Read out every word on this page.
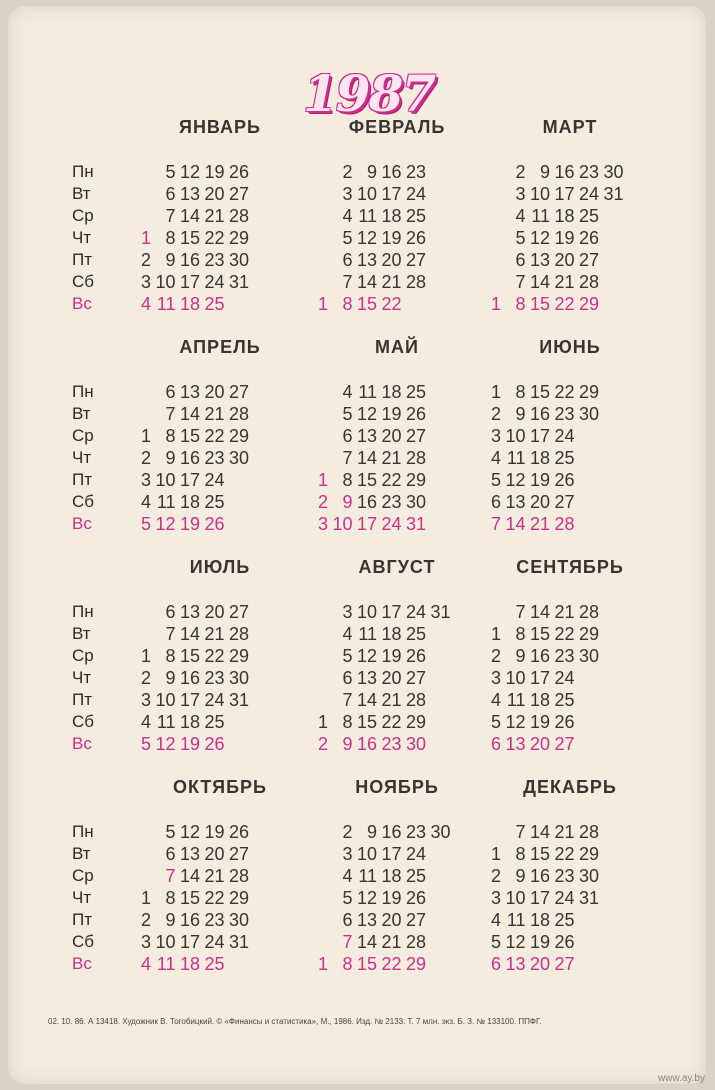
1987
Пн
Вт
Ср
Чт
Пт
Сб
Вс
ЯНВАРЬ
1
2
3
4
5
6
7
8
9
10
11
12
13
14
15
16
17
18
19
20
21
22
23
24
25
26
27
28
29
30
31
ФЕВРАЛЬ
1
2
3
4
5
6
7
8
9
10
11
12
13
14
15
16
17
18
19
20
21
22
23
24
25
26
27
28
МАРТ
1
2
3
4
5
6
7
8
9
10
11
12
13
14
15
16
17
18
19
20
21
22
23
24
25
26
27
28
29
30
31
Пн
Вт
Ср
Чт
Пт
Сб
Вс
АПРЕЛЬ
1
2
3
4
5
6
7
8
9
10
11
12
13
14
15
16
17
18
19
20
21
22
23
24
25
26
27
28
29
30
МАЙ
1
2
3
4
5
6
7
8
9
10
11
12
13
14
15
16
17
18
19
20
21
22
23
24
25
26
27
28
29
30
31
ИЮНЬ
1
2
3
4
5
6
7
8
9
10
11
12
13
14
15
16
17
18
19
20
21
22
23
24
25
26
27
28
29
30
Пн
Вт
Ср
Чт
Пт
Сб
Вс
ИЮЛЬ
1
2
3
4
5
6
7
8
9
10
11
12
13
14
15
16
17
18
19
20
21
22
23
24
25
26
27
28
29
30
31
АВГУСТ
1
2
3
4
5
6
7
8
9
10
11
12
13
14
15
16
17
18
19
20
21
22
23
24
25
26
27
28
29
30
31
СЕНТЯБРЬ
1
2
3
4
5
6
7
8
9
10
11
12
13
14
15
16
17
18
19
20
21
22
23
24
25
26
27
28
29
30
Пн
Вт
Ср
Чт
Пт
Сб
Вс
ОКТЯБРЬ
1
2
3
4
5
6
7
8
9
10
11
12
13
14
15
16
17
18
19
20
21
22
23
24
25
26
27
28
29
30
31
НОЯБРЬ
1
2
3
4
5
6
7
8
9
10
11
12
13
14
15
16
17
18
19
20
21
22
23
24
25
26
27
28
29
30
ДЕКАБРЬ
1
2
3
4
5
6
7
8
9
10
11
12
13
14
15
16
17
18
19
20
21
22
23
24
25
26
27
28
29
30
31
02. 10. 86. А 13418. Художник В. Тогобицкий. © «Финансы и статистика», М., 1986. Изд. № 2133. Т. 7 млн. экз. Б. З. № 133100. ППФГ.
www.ay.by
